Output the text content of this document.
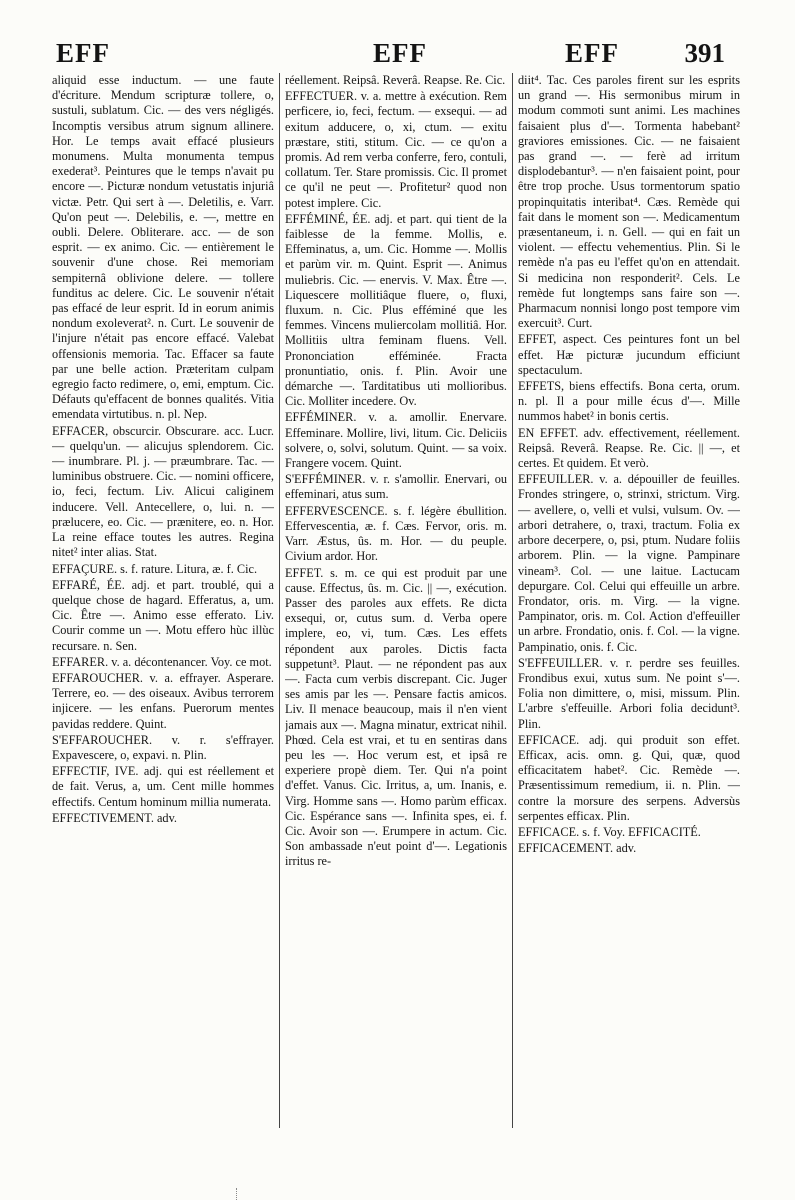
EFF	EFF	EFF 391

aliquid esse inductum. — une faute d'écriture. Mendum scripturæ tollere, o, sustuli, sublatum. Cic. — des vers négligés. Incomptis versibus atrum signum allinere. Hor. Le temps avait effacé plusieurs monumens. Multa monumenta tempus exederat³. Peintures que le temps n'avait pu encore —. Picturæ nondum vetustatis injuriâ victæ. Petr. Qui sert à —. Deletilis, e. Varr. Qu'on peut —. Delebilis, e. —, mettre en oubli. Delere. Obliterare. acc. — de son esprit. — ex animo. Cic. — entièrement le souvenir d'une chose. Rei memoriam sempiternâ oblivione delere. — tollere funditus ac delere. Cic. Le souvenir n'était pas effacé de leur esprit. Id in eorum animis nondum exoleverat². n. Curt. Le souvenir de l'injure n'était pas encore effacé. Valebat offensionis memoria. Tac. Effacer sa faute par une belle action. Præteritam culpam egregio facto redimere, o, emi, emptum. Cic. Défauts qu'effacent de bonnes qualités. Vitia emendata virtutibus. n. pl. Nep.

EFFACER, obscurcir. Obscurare. acc. Lucr. — quelqu'un. — alicujus splendorem. Cic. — inumbrare. Pl. j. — præumbrare. Tac. — luminibus obstruere. Cic. — nomini officere, io, feci, fectum. Liv. Alicui caliginem inducere. Vell. Antecellere, o, lui. n. — prælucere, eo. Cic. — prænitere, eo. n. Hor. La reine efface toutes les autres. Regina nitet² inter alias. Stat.

EFFAÇURE. s. f. rature. Litura, æ. f. Cic.

EFFARÉ, ÉE. adj. et part. troublé, qui a quelque chose de hagard. Efferatus, a, um. Cic. Être —. Animo esse efferato. Liv. Courir comme un —. Motu effero hùc illùc recursare. n. Sen.

EFFARER. v. a. décontenancer. Voy. ce mot.

EFFAROUCHER. v. a. effrayer. Asperare. Terrere, eo. — des oiseaux. Avibus terrorem injicere. — les enfans. Puerorum mentes pavidas reddere. Quint.

S'EFFAROUCHER. v. r. s'effrayer. Expavescere, o, expavi. n. Plin.

EFFECTIF, IVE. adj. qui est réellement et de fait. Verus, a, um. Cent mille hommes effectifs. Centum hominum millia numerata.

EFFECTIVEMENT. adv.

réellement. Reipsâ. Reverâ. Reapse. Re. Cic.

EFFECTUER. v. a. mettre à exécution. Rem perficere, io, feci, fectum. — exsequi. — ad exitum adducere, o, xi, ctum. — exitu præstare, stiti, stitum. Cic. — ce qu'on a promis. Ad rem verba conferre, fero, contuli, collatum. Ter. Stare promissis. Cic. Il promet ce qu'il ne peut —. Profitetur² quod non potest implere. Cic.

EFFÉMINÉ, ÉE. adj. et part. qui tient de la faiblesse de la femme. Mollis, e. Effeminatus, a, um. Cic. Homme —. Mollis et parùm vir. m. Quint. Esprit —. Animus muliebris. Cic. — enervis. V. Max. Être —. Liquescere mollitiâque fluere, o, fluxi, fluxum. n. Cic. Plus efféminé que les femmes. Vincens muliercolam mollitiâ. Hor. Mollitiis ultra feminam fluens. Vell. Prononciation efféminée. Fracta pronuntiatio, onis. f. Plin. Avoir une démarche —. Tarditatibus uti mollioribus. Cic. Molliter incedere. Ov.

EFFÉMINER. v. a. amollir. Enervare. Effeminare. Mollire, livi, litum. Cic. Deliciis solvere, o, solvi, solutum. Quint. — sa voix. Frangere vocem. Quint.

S'EFFÉMINER. v. r. s'amollir. Enervari, ou effeminari, atus sum.

EFFERVESCENCE. s. f. légère ébullition. Effervescentia, æ. f. Cæs. Fervor, oris. m. Varr. Æstus, ûs. m. Hor. — du peuple. Civium ardor. Hor.

EFFET. s. m. ce qui est produit par une cause. Effectus, ûs. m. Cic. || —, exécution. Passer des paroles aux effets. Re dicta exsequi, or, cutus sum. d. Verba opere implere, eo, vi, tum. Cæs. Les effets répondent aux paroles. Dictis facta suppetunt³. Plaut. — ne répondent pas aux —. Facta cum verbis discrepant. Cic. Juger ses amis par les —. Pensare factis amicos. Liv. Il menace beaucoup, mais il n'en vient jamais aux —. Magna minatur, extricat nihil. Phœd. Cela est vrai, et tu en sentiras dans peu les —. Hoc verum est, et ipsâ re experiere propè diem. Ter. Qui n'a point d'effet. Vanus. Cic. Irritus, a, um. Inanis, e. Virg. Homme sans —. Homo parùm efficax. Cic. Espérance sans —. Infinita spes, ei. f. Cic. Avoir son —. Erumpere in actum. Cic. Son ambassade n'eut point d'—. Legationis irritus re-

diit⁴. Tac. Ces paroles firent sur les esprits un grand —. His sermonibus mirum in modum commoti sunt animi. Les machines faisaient plus d'—. Tormenta habebant² graviores emissiones. Cic. — ne faisaient pas grand —. — ferè ad irritum displodebantur³. — n'en faisaient point, pour être trop proche. Usus tormentorum spatio propinquitatis interibat⁴. Cæs. Remède qui fait dans le moment son —. Medicamentum præsentaneum, i. n. Gell. — qui en fait un violent. — effectu vehementius. Plin. Si le remède n'a pas eu l'effet qu'on en attendait. Si medicina non responderit². Cels. Le remède fut longtemps sans faire son —. Pharmacum nonnisi longo post tempore vim exercuit³. Curt.

EFFET, aspect. Ces peintures font un bel effet. Hæ picturæ jucundum efficiunt spectaculum.

EFFETS, biens effectifs. Bona certa, orum. n. pl. Il a pour mille écus d'—. Mille nummos habet² in bonis certis.

EN EFFET. adv. effectivement, réellement. Reipsâ. Reverâ. Reapse. Re. Cic. || —, et certes. Et quidem. Et verò.

EFFEUILLER. v. a. dépouiller de feuilles. Frondes stringere, o, strinxi, strictum. Virg. — avellere, o, velli et vulsi, vulsum. Ov. — arbori detrahere, o, traxi, tractum. Folia ex arbore decerpere, o, psi, ptum. Nudare foliis arborem. Plin. — la vigne. Pampinare vineam³. Col. — une laitue. Lactucam depurgare. Col. Celui qui effeuille un arbre. Frondator, oris. m. Virg. — la vigne. Pampinator, oris. m. Col. Action d'effeuiller un arbre. Frondatio, onis. f. Col. — la vigne. Pampinatio, onis. f. Cic.

S'EFFEUILLER. v. r. perdre ses feuilles. Frondibus exui, xutus sum. Ne point s'—. Folia non dimittere, o, misi, missum. Plin. L'arbre s'effeuille. Arbori folia decidunt³. Plin.

EFFICACE. adj. qui produit son effet. Efficax, acis. omn. g. Qui, quæ, quod efficacitatem habet². Cic. Remède —. Præsentissimum remedium, ii. n. Plin. — contre la morsure des serpens. Adversùs serpentes efficax. Plin.

EFFICACE. s. f. Voy. EFFICACITÉ.

EFFICACEMENT. adv.
